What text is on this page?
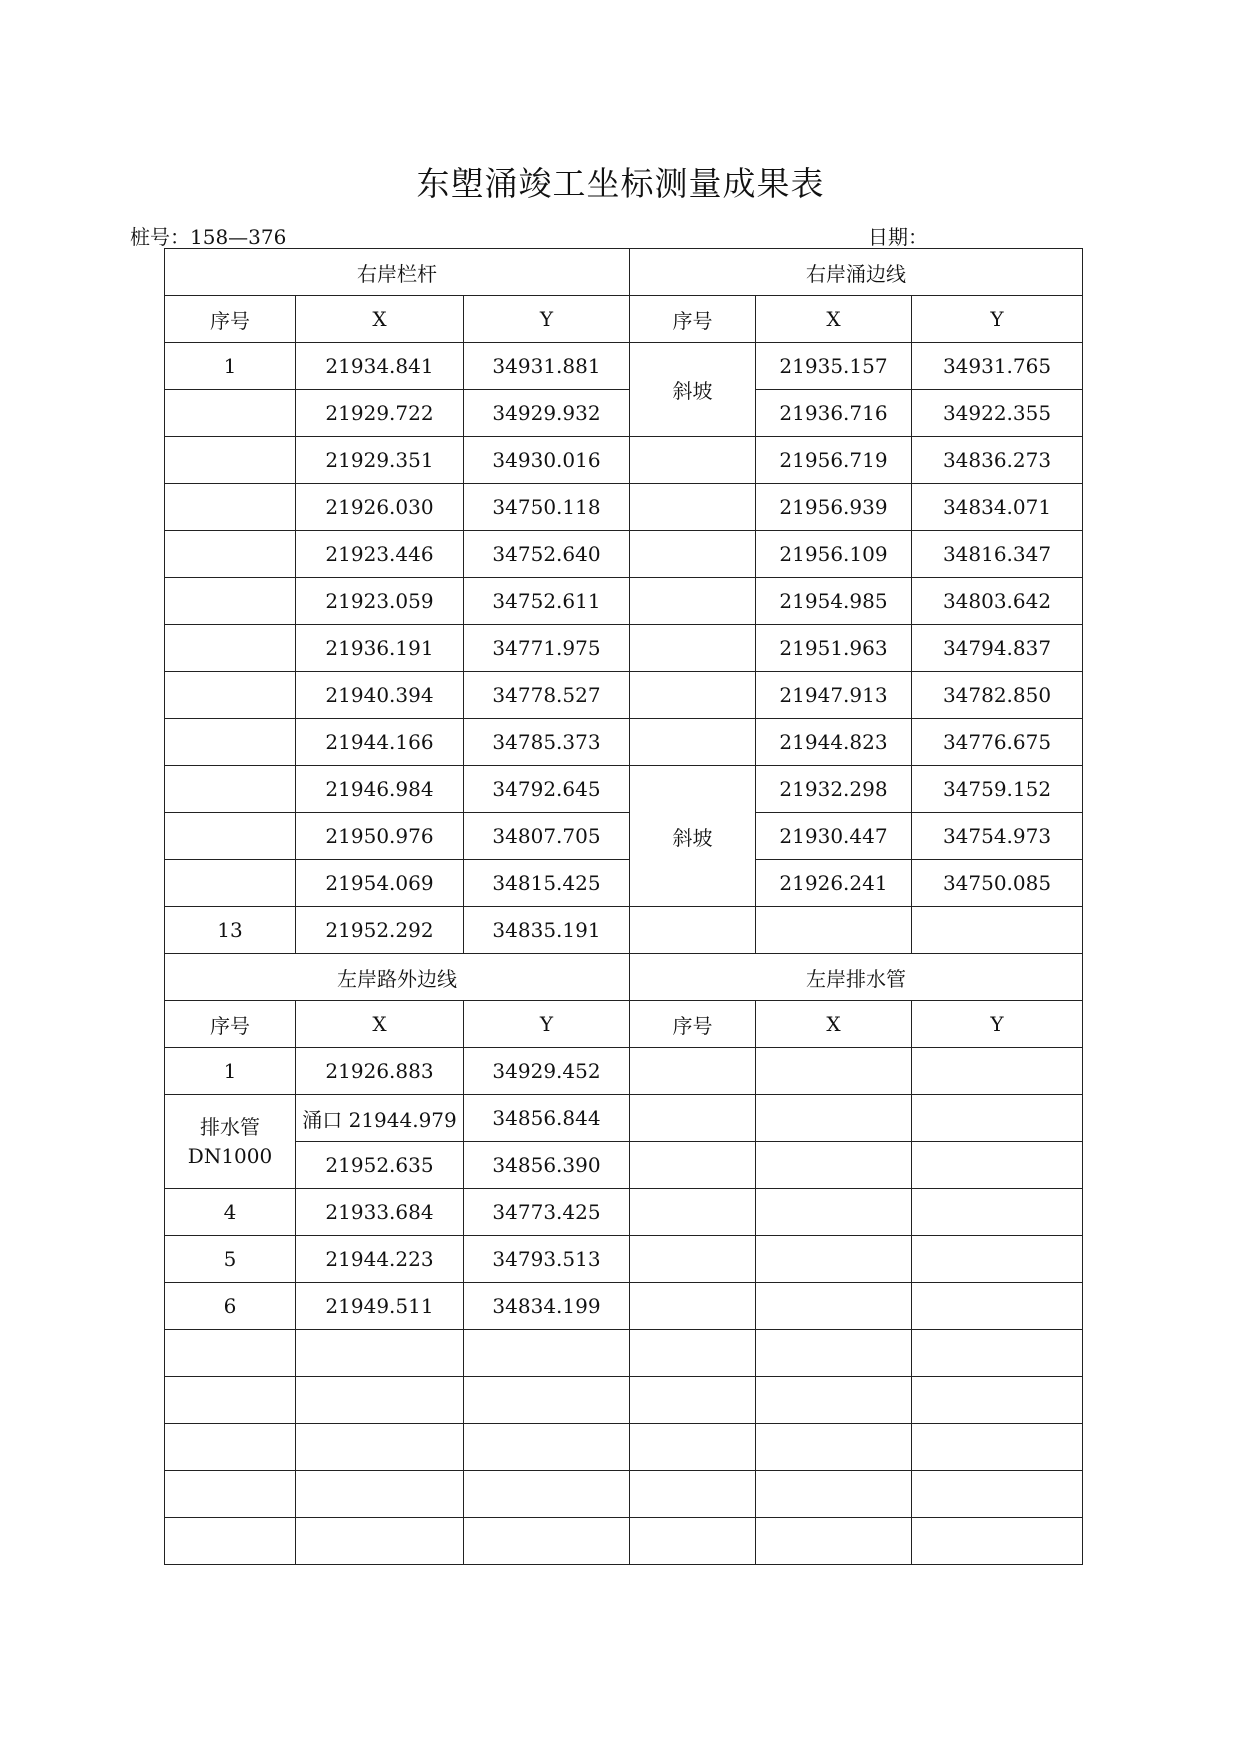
东塱涌竣工坐标测量成果表
桩号：158—376	日期：
右岸栏杆			右岸涌边线		
序号	X	Y	序号	X	Y
1	21934.841	34931.881	斜坡	21935.157	34931.765
	21929.722	34929.932		21936.716	34922.355
	21929.351	34930.016		21956.719	34836.273
	21926.030	34750.118		21956.939	34834.071
	21923.446	34752.640		21956.109	34816.347
	21923.059	34752.611		21954.985	34803.642
	21936.191	34771.975		21951.963	34794.837
	21940.394	34778.527		21947.913	34782.850
	21944.166	34785.373		21944.823	34776.675
	21946.984	34792.645	斜坡	21932.298	34759.152
	21950.976	34807.705		21930.447	34754.973
	21954.069	34815.425		21926.241	34750.085
13	21952.292	34835.191			
左岸路外边线			左岸排水管		
序号	X	Y	序号	X	Y
1	21926.883	34929.452			
排水管
DN1000	涌口 21944.979	34856.844			
	21952.635	34856.390			
4	21933.684	34773.425			
5	21944.223	34793.513			
6	21949.511	34834.199			
